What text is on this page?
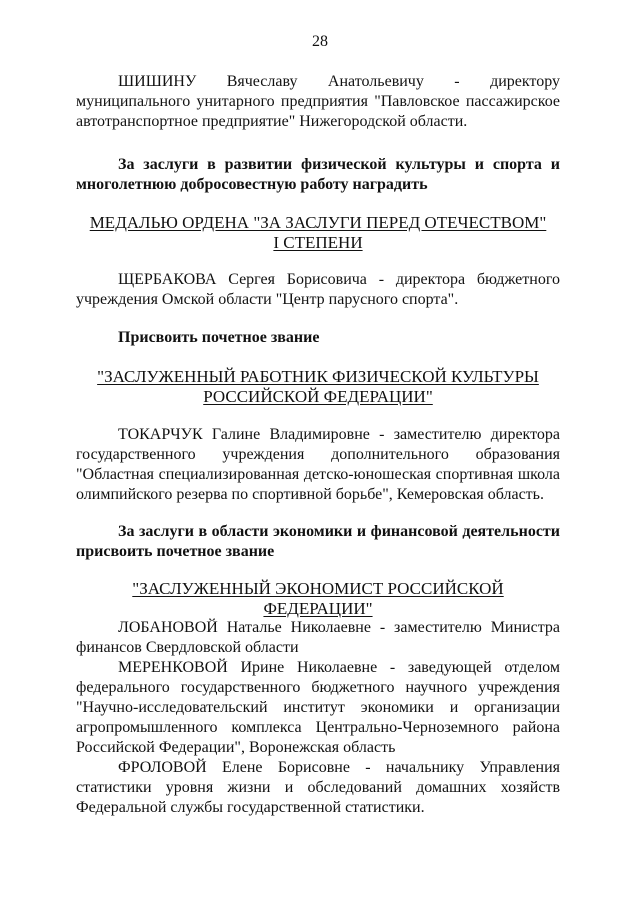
28

ШИШИНУ Вячеславу Анатольевичу - директору муниципального унитарного предприятия "Павловское пассажирское автотранспортное предприятие" Нижегородской области.

За заслуги в развитии физической культуры и спорта и многолетнюю добросовестную работу наградить

МЕДАЛЬЮ ОРДЕНА "ЗА ЗАСЛУГИ ПЕРЕД ОТЕЧЕСТВОМ"
I СТЕПЕНИ

ЩЕРБАКОВА Сергея Борисовича - директора бюджетного учреждения Омской области "Центр парусного спорта".

Присвоить почетное звание

"ЗАСЛУЖЕННЫЙ РАБОТНИК ФИЗИЧЕСКОЙ КУЛЬТУРЫ
РОССИЙСКОЙ ФЕДЕРАЦИИ"

ТОКАРЧУК Галине Владимировне - заместителю директора государственного учреждения дополнительного образования "Областная специализированная детско-юношеская спортивная школа олимпийского резерва по спортивной борьбе", Кемеровская область.

За заслуги в области экономики и финансовой деятельности присвоить почетное звание

"ЗАСЛУЖЕННЫЙ ЭКОНОМИСТ РОССИЙСКОЙ ФЕДЕРАЦИИ"

ЛОБАНОВОЙ Наталье Николаевне - заместителю Министра финансов Свердловской области

МЕРЕНКОВОЙ Ирине Николаевне - заведующей отделом федерального государственного бюджетного научного учреждения "Научно-исследовательский институт экономики и организации агропромышленного комплекса Центрально-Черноземного района Российской Федерации", Воронежская область

ФРОЛОВОЙ Елене Борисовне - начальнику Управления статистики уровня жизни и обследований домашних хозяйств Федеральной службы государственной статистики.
